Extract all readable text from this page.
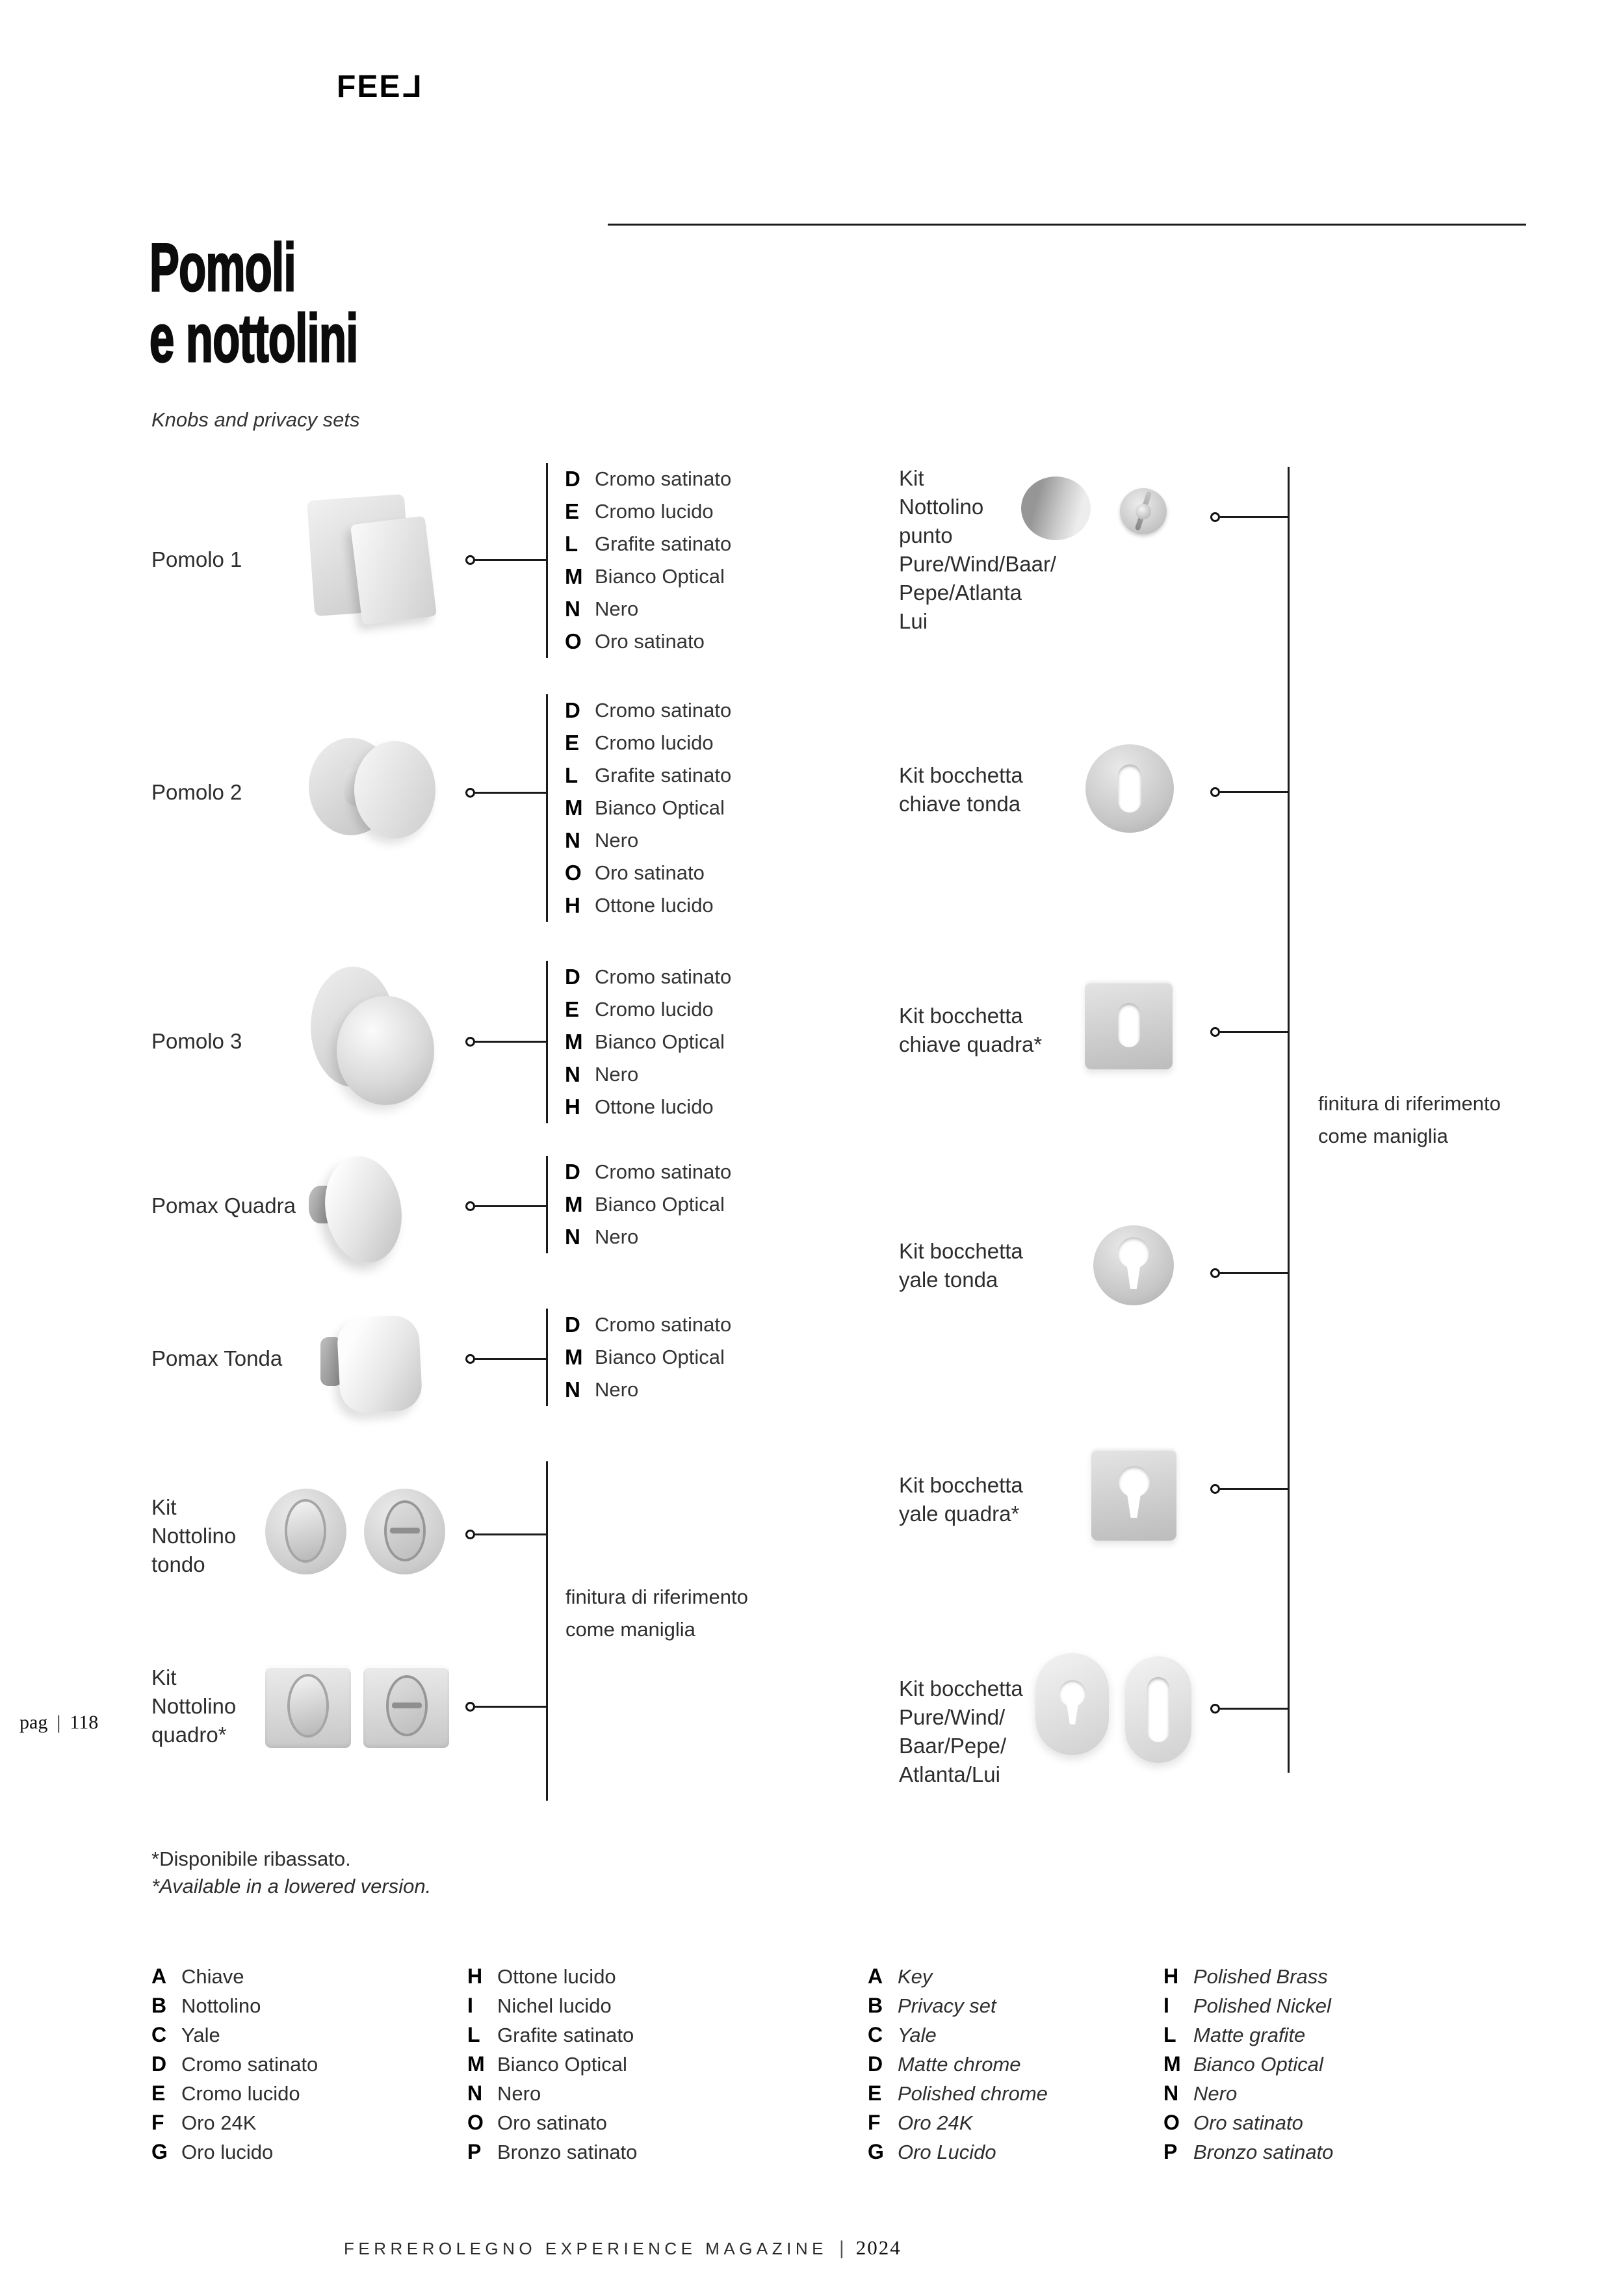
FEEL
Pomoli
e nottolini
Knobs and privacy sets
Pomolo 1
D Cromo satinato
E Cromo lucido
L Grafite satinato
M Bianco Optical
N Nero
O Oro satinato
Pomolo 2
D Cromo satinato
E Cromo lucido
L Grafite satinato
M Bianco Optical
N Nero
O Oro satinato
H Ottone lucido
Pomolo 3
D Cromo satinato
E Cromo lucido
M Bianco Optical
N Nero
H Ottone lucido
Pomax Quadra
D Cromo satinato
M Bianco Optical
N Nero
Pomax Tonda
D Cromo satinato
M Bianco Optical
N Nero
Kit
Nottolino
tondo
finitura di riferimento
come maniglia
Kit
Nottolino
quadro*
pag | 118
Kit
Nottolino
punto
Pure/Wind/Baar/
Pepe/Atlanta
Lui
Kit bocchetta
chiave tonda
Kit bocchetta
chiave quadra*
finitura di riferimento
come maniglia
Kit bocchetta
yale tonda
Kit bocchetta
yale quadra*
Kit bocchetta
Pure/Wind/
Baar/Pepe/
Atlanta/Lui
*Disponibile ribassato.
*Available in a lowered version.
A Chiave
B Nottolino
C Yale
D Cromo satinato
E Cromo lucido
F Oro 24K
G Oro lucido
H Ottone lucido
I	Nichel lucido
L Grafite satinato
M Bianco Optical
N Nero
O Oro satinato
P Bronzo satinato
A Key
B Privacy set
C Yale
D Matte chrome
E Polished chrome
F Oro 24K
G Oro Lucido
H Polished Brass
I	Polished Nickel
L Matte grafite
M Bianco Optical
N Nero
O Oro satinato
P Bronzo satinato
FERREROLEGNO EXPERIENCE MAGAZINE | 2024
